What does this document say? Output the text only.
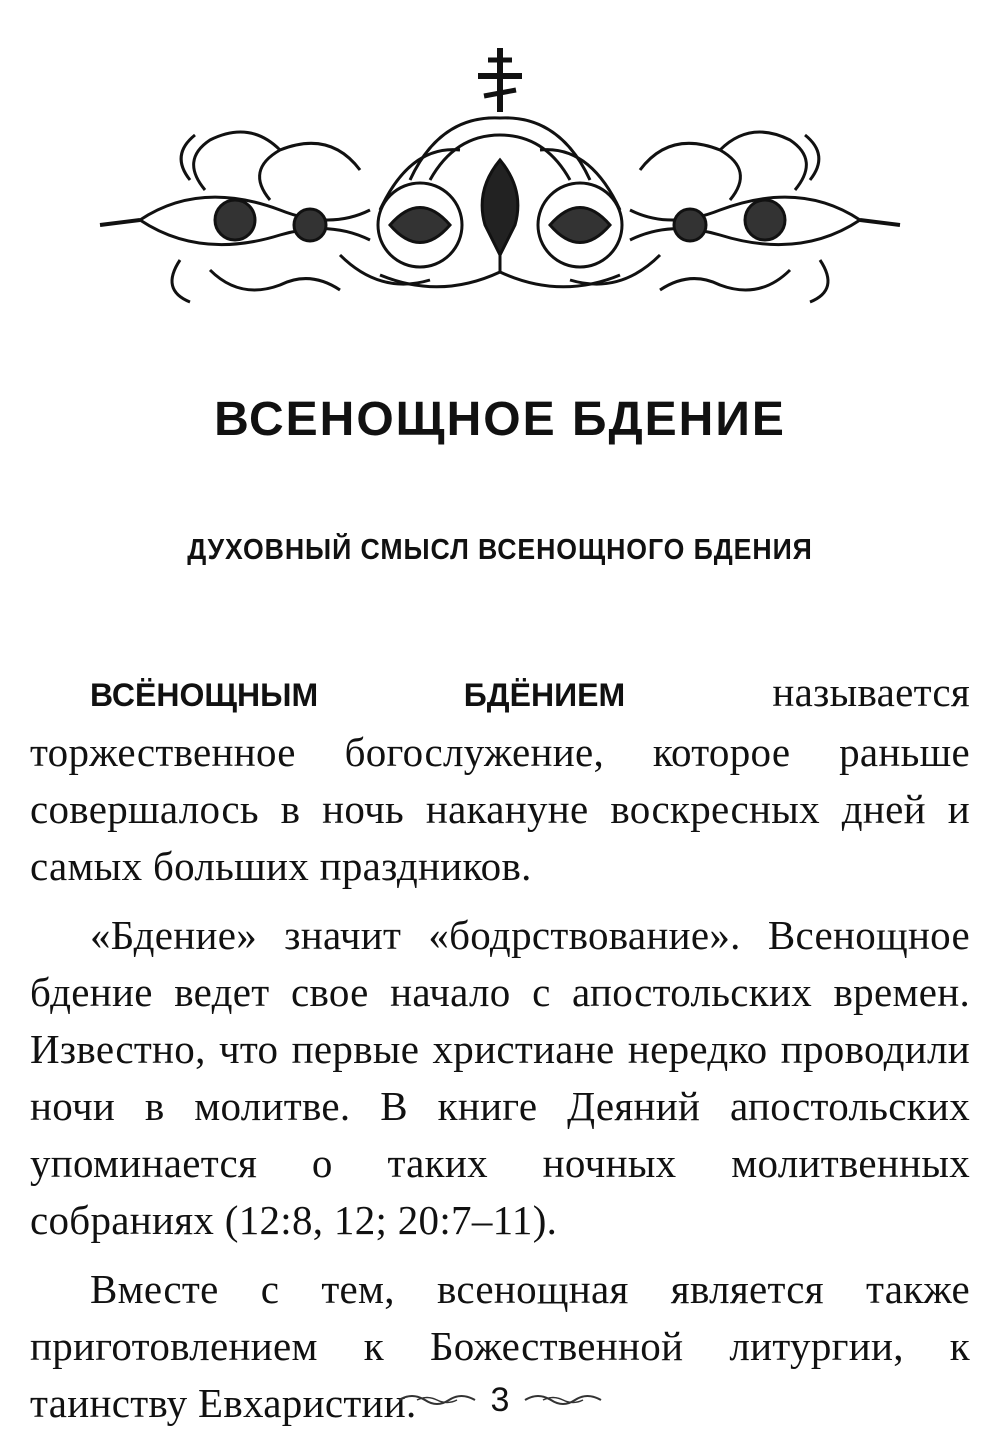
ВСЕНОЩНОЕ БДЕНИЕ
ДУХОВНЫЙ СМЫСЛ ВСЕНОЩНОГО БДЕНИЯ

ВСЁНОЩНЫМ БДЁНИЕМ называется торжественное богослужение, которое раньше совершалось в ночь накануне воскресных дней и самых больших праздников.

«Бдение» значит «бодрствование». Всенощное бдение ведет свое начало с апостольских времен. Известно, что первые христиане нередко проводили ночи в молитве. В книге Деяний апостольских упоминается о таких ночных молитвенных собраниях (12:8, 12; 20:7–11).

Вместе с тем, всенощная является также приготовлением к Божественной литургии, к таинству Евхаристии.	3
